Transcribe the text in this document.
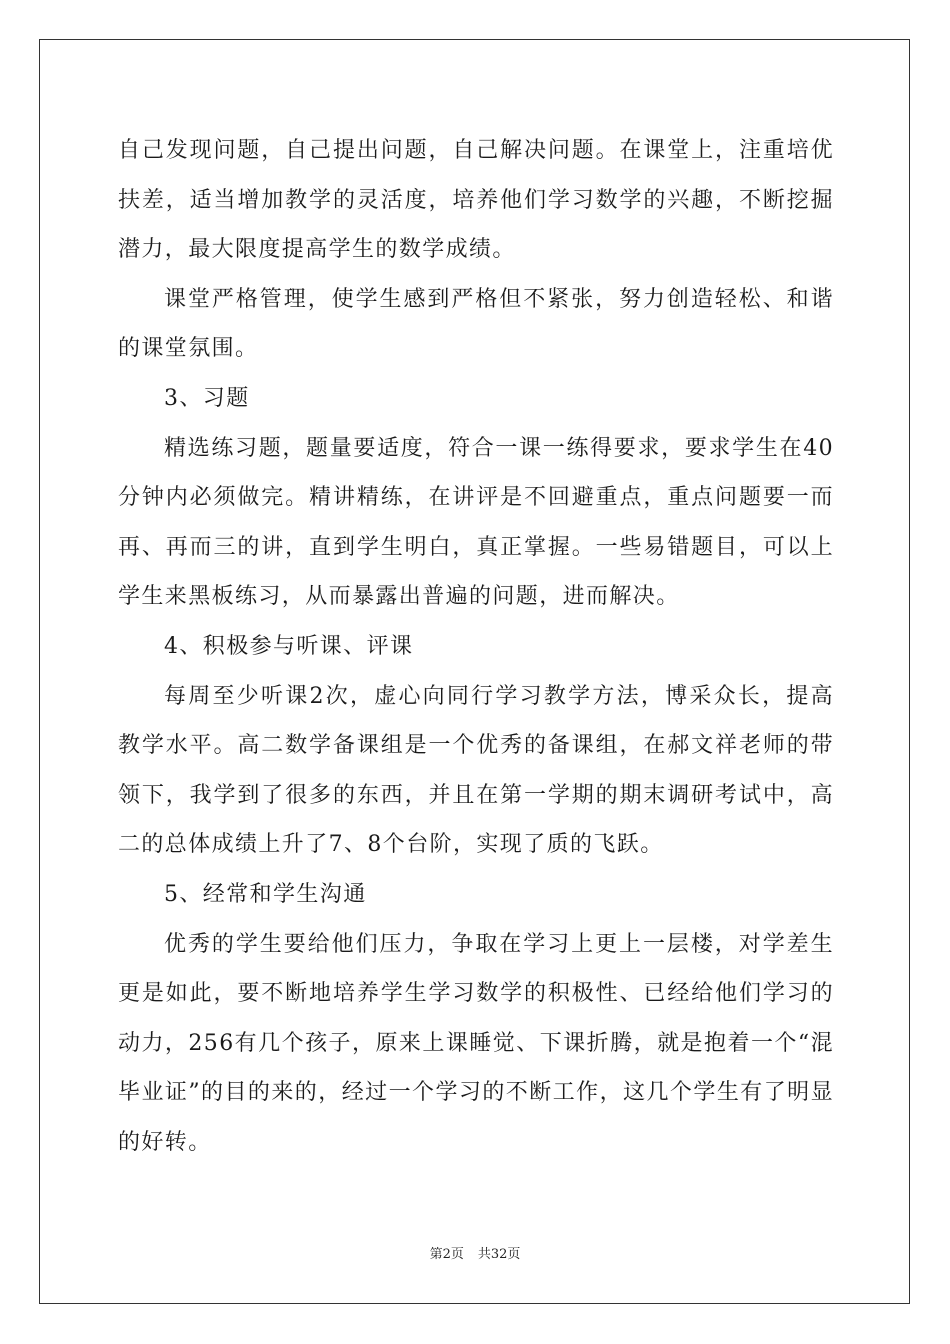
自己发现问题，自己提出问题，自己解决问题。在课堂上，注重培优扶差，适当增加教学的灵活度，培养他们学习数学的兴趣，不断挖掘潜力，最大限度提高学生的数学成绩。

课堂严格管理，使学生感到严格但不紧张，努力创造轻松、和谐的课堂氛围。

3、习题

精选练习题，题量要适度，符合一课一练得要求，要求学生在40分钟内必须做完。精讲精练，在讲评是不回避重点，重点问题要一而再、再而三的讲，直到学生明白，真正掌握。一些易错题目，可以上学生来黑板练习，从而暴露出普遍的问题，进而解决。

4、积极参与听课、评课

每周至少听课2次，虚心向同行学习教学方法，博采众长，提高教学水平。高二数学备课组是一个优秀的备课组，在郝文祥老师的带领下，我学到了很多的东西，并且在第一学期的期末调研考试中，高二的总体成绩上升了7、8个台阶，实现了质的飞跃。

5、经常和学生沟通

优秀的学生要给他们压力，争取在学习上更上一层楼，对学差生更是如此，要不断地培养学生学习数学的积极性、已经给他们学习的动力，256有几个孩子，原来上课睡觉、下课折腾，就是抱着一个“混毕业证”的目的来的，经过一个学习的不断工作，这几个学生有了明显的好转。

第2页 共32页
